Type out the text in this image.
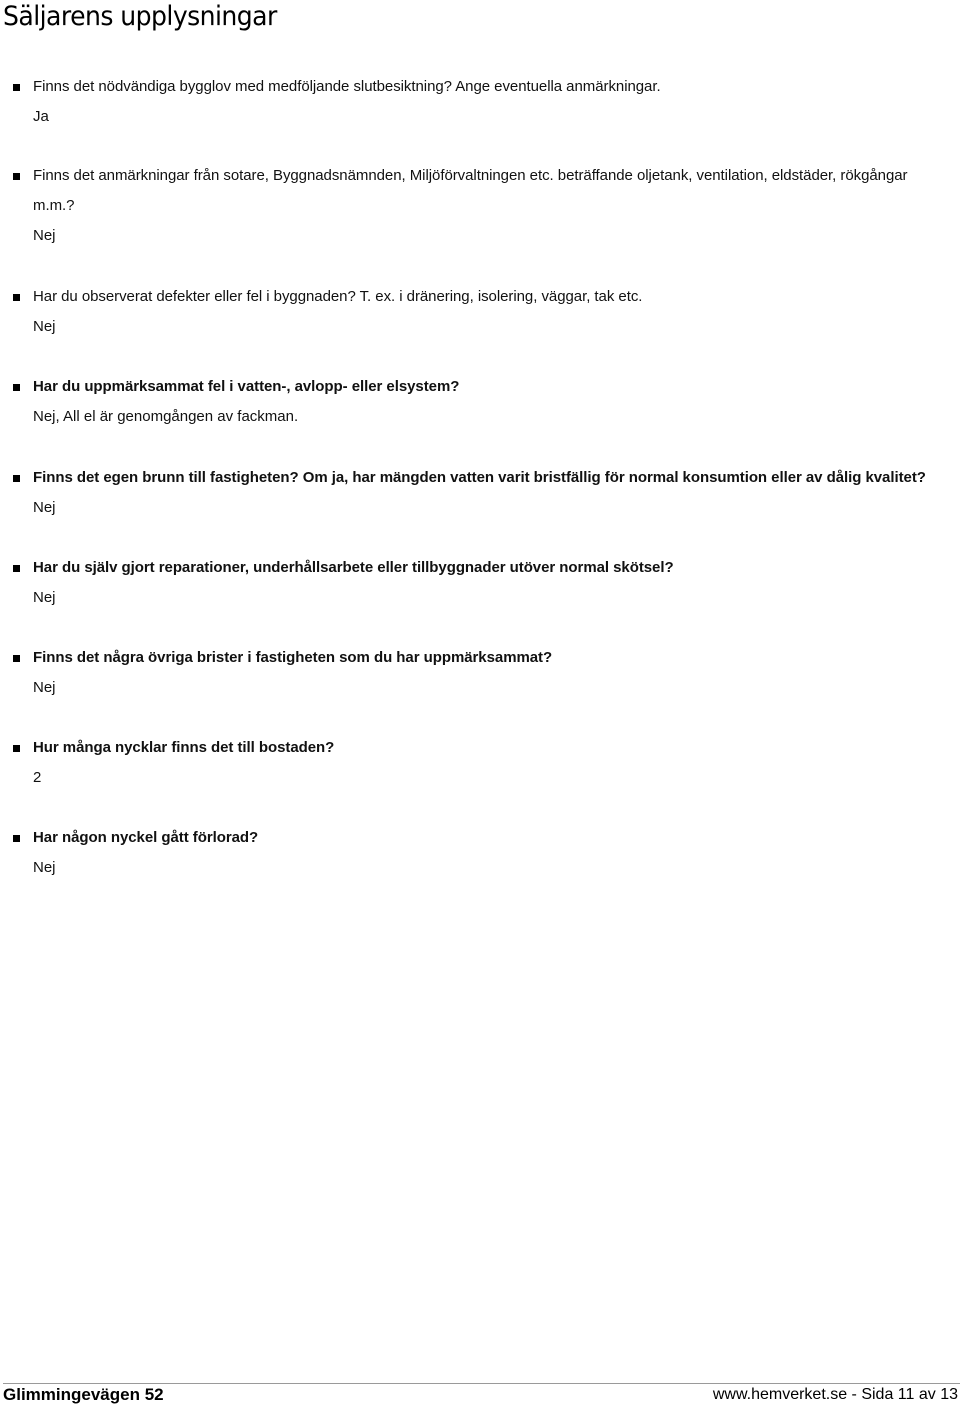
Säljarens upplysningar
Finns det nödvändiga bygglov med medföljande slutbesiktning? Ange eventuella anmärkningar.
Ja
Finns det anmärkningar från sotare, Byggnadsnämnden, Miljöförvaltningen etc. beträffande oljetank, ventilation, eldstäder, rökgångar m.m.?
Nej
Har du observerat defekter eller fel i byggnaden? T. ex. i dränering, isolering, väggar, tak etc.
Nej
Har du uppmärksammat fel i vatten-, avlopp- eller elsystem?
Nej, All el är genomgången av fackman.
Finns det egen brunn till fastigheten? Om ja, har mängden vatten varit bristfällig för normal konsumtion eller av dålig kvalitet?
Nej
Har du själv gjort reparationer, underhållsarbete eller tillbyggnader utöver normal skötsel?
Nej
Finns det några övriga brister i fastigheten som du har uppmärksammat?
Nej
Hur många nycklar finns det till bostaden?
2
Har någon nyckel gått förlorad?
Nej
Glimmingevägen 52	www.hemverket.se - Sida 11 av 13
